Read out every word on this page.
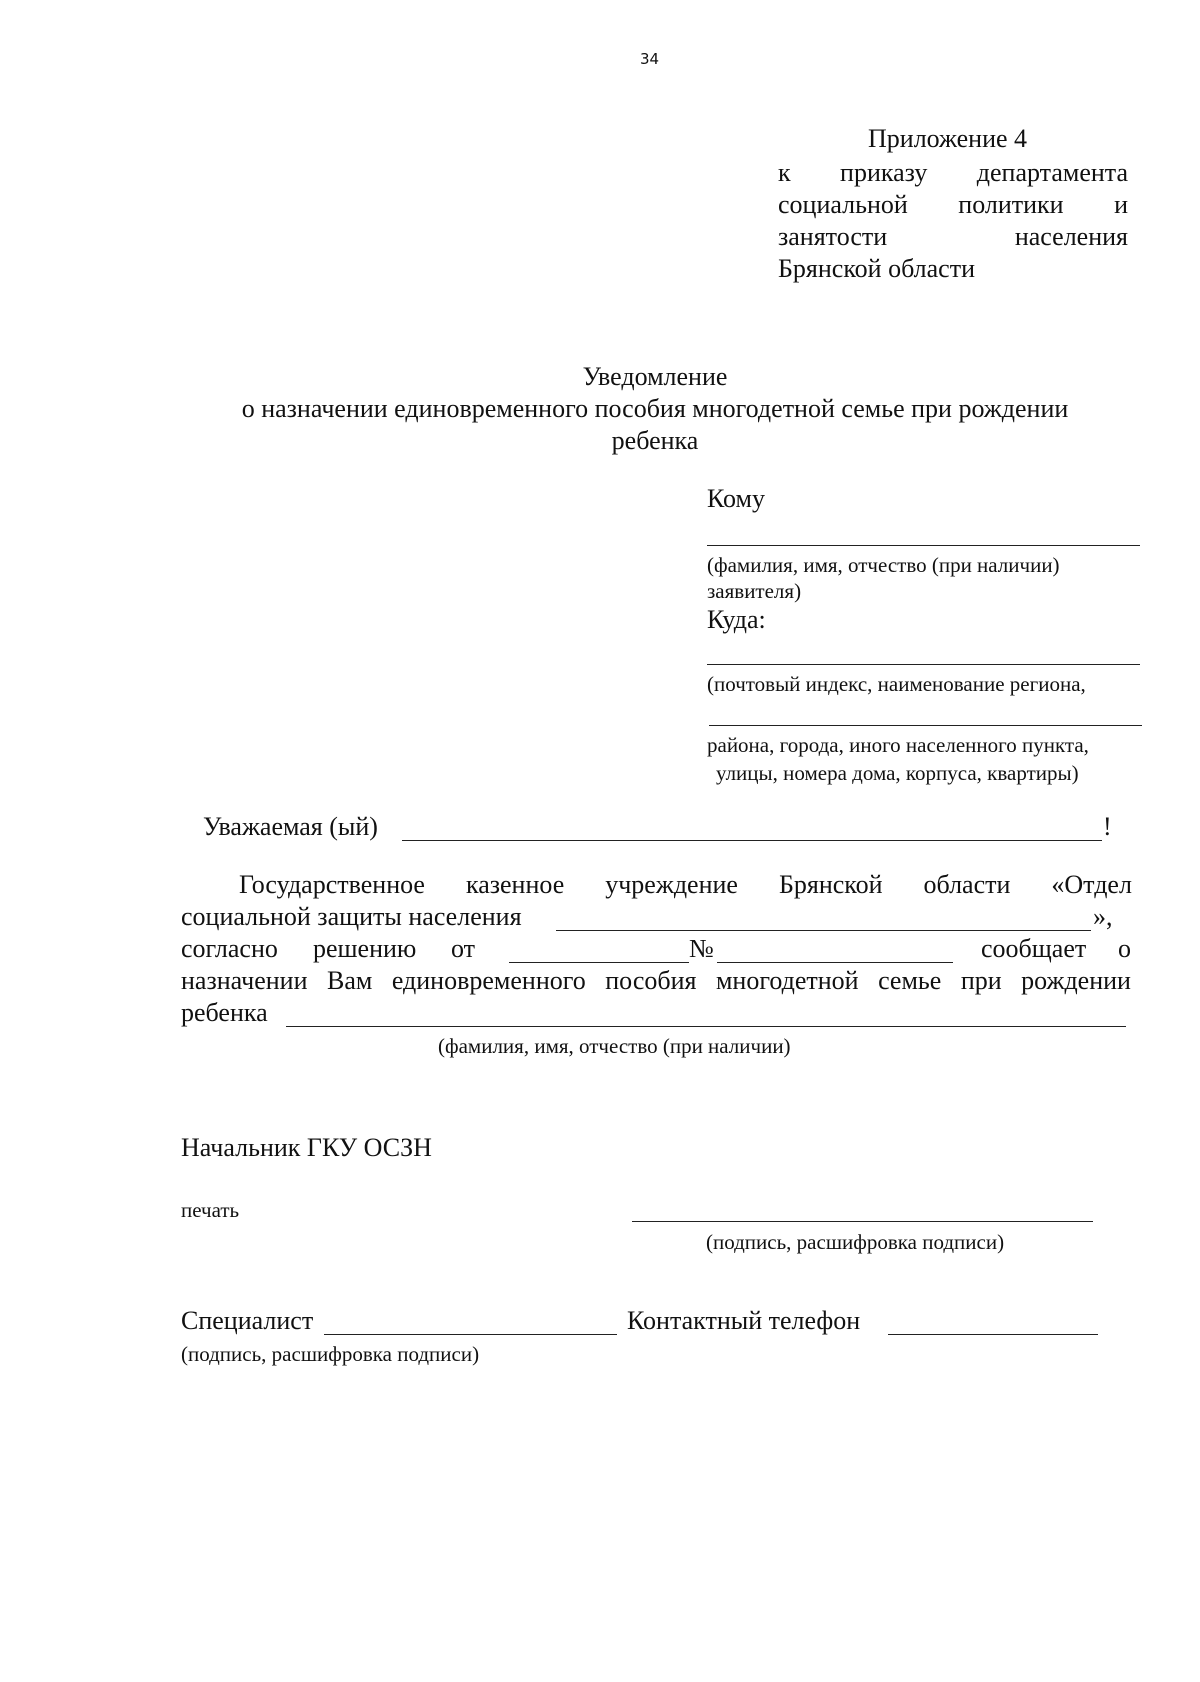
34
Приложение 4
к приказу департамента
социальной политики и
занятости	населения
Брянской области
Уведомление
о назначении единовременного пособия многодетной семье при рождении
ребенка
Кому
(фамилия, имя, отчество (при наличии)
заявителя)
Куда:
(почтовый индекс, наименование региона,
района, города, иного населенного пункта,
улицы, номера дома, корпуса, квартиры)
Уважаемая (ый)	!
Государственное казенное учреждение Брянской области «Отдел
социальной защиты населения	»,
согласно решению от	№	сообщает о
назначении Вам единовременного пособия многодетной семье при рождении
ребенка
(фамилия, имя, отчество (при наличии)
Начальник ГКУ ОСЗН
печать
(подпись, расшифровка подписи)
Специалист	Контактный телефон
(подпись, расшифровка подписи)
